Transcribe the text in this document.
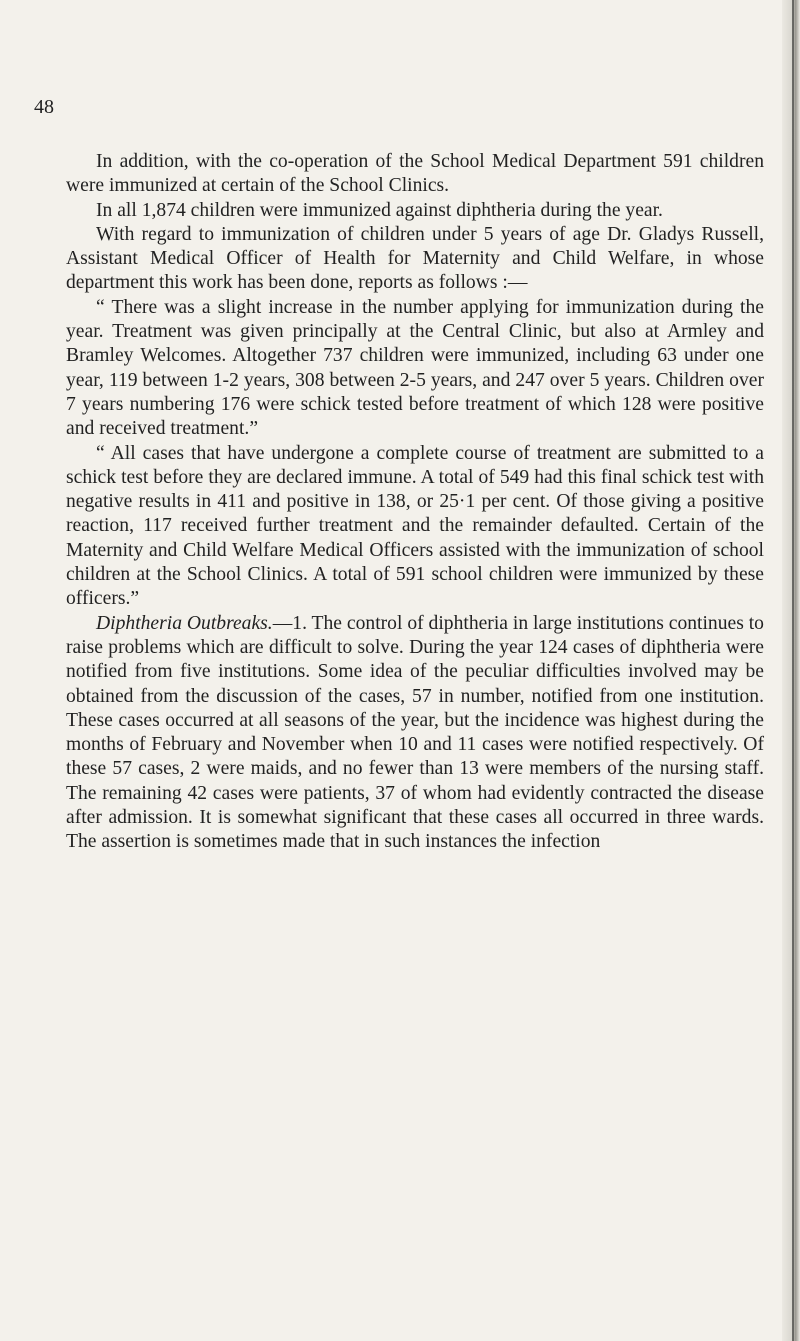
48

In addition, with the co-operation of the School Medical Department 591 children were immunized at certain of the School Clinics.

In all 1,874 children were immunized against diphtheria during the year.

With regard to immunization of children under 5 years of age Dr. Gladys Russell, Assistant Medical Officer of Health for Maternity and Child Welfare, in whose department this work has been done, reports as follows :—

“ There was a slight increase in the number applying for immunization during the year. Treatment was given principally at the Central Clinic, but also at Armley and Bramley Welcomes. Altogether 737 children were immunized, including 63 under one year, 119 between 1-2 years, 308 between 2-5 years, and 247 over 5 years. Children over 7 years numbering 176 were schick tested before treatment of which 128 were positive and received treatment.”

“ All cases that have undergone a complete course of treatment are submitted to a schick test before they are declared immune. A total of 549 had this final schick test with negative results in 411 and positive in 138, or 25·1 per cent. Of those giving a positive reaction, 117 received further treatment and the remainder defaulted. Certain of the Maternity and Child Welfare Medical Officers assisted with the immunization of school children at the School Clinics. A total of 591 school children were immunized by these officers.”

Diphtheria Outbreaks.—1. The control of diphtheria in large institutions continues to raise problems which are difficult to solve. During the year 124 cases of diphtheria were notified from five institutions. Some idea of the peculiar difficulties involved may be obtained from the discussion of the cases, 57 in number, notified from one institution. These cases occurred at all seasons of the year, but the incidence was highest during the months of February and November when 10 and 11 cases were notified respectively. Of these 57 cases, 2 were maids, and no fewer than 13 were members of the nursing staff. The remaining 42 cases were patients, 37 of whom had evidently contracted the disease after admission. It is somewhat significant that these cases all occurred in three wards. The assertion is sometimes made that in such instances the infection
